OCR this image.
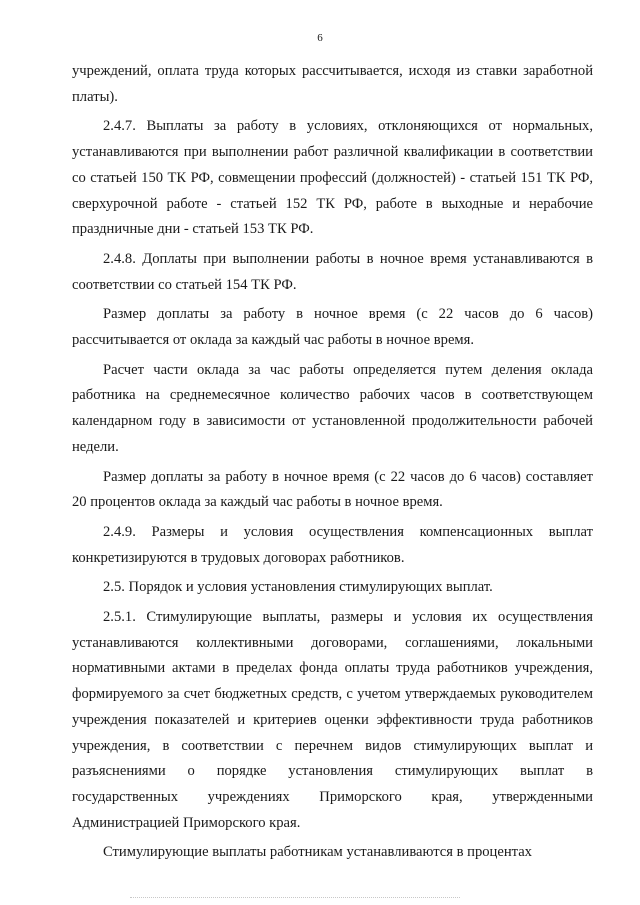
6

учреждений, оплата труда которых рассчитывается, исходя из ставки заработной платы).

2.4.7. Выплаты за работу в условиях, отклоняющихся от нормальных, устанавливаются при выполнении работ различной квалификации в соответствии со статьей 150 ТК РФ, совмещении профессий (должностей) - статьей 151 ТК РФ, сверхурочной работе - статьей 152 ТК РФ, работе в выходные и нерабочие праздничные дни - статьей 153 ТК РФ.

2.4.8. Доплаты при выполнении работы в ночное время устанавливаются в соответствии со статьей 154 ТК РФ.

Размер доплаты за работу в ночное время (с 22 часов до 6 часов) рассчитывается от оклада за каждый час работы в ночное время.

Расчет части оклада за час работы определяется путем деления оклада работника на среднемесячное количество рабочих часов в соответствующем календарном году в зависимости от установленной продолжительности рабочей недели.

Размер доплаты за работу в ночное время (с 22 часов до 6 часов) составляет 20 процентов оклада за каждый час работы в ночное время.

2.4.9. Размеры и условия осуществления компенсационных выплат конкретизируются в трудовых договорах работников.

2.5. Порядок и условия установления стимулирующих выплат.

2.5.1. Стимулирующие выплаты, размеры и условия их осуществления устанавливаются коллективными договорами, соглашениями, локальными нормативными актами в пределах фонда оплаты труда работников учреждения, формируемого за счет бюджетных средств, с учетом утверждаемых руководителем учреждения показателей и критериев оценки эффективности труда работников учреждения, в соответствии с перечнем видов стимулирующих выплат и разъяснениями о порядке установления стимулирующих выплат в государственных учреждениях Приморского края, утвержденными Администрацией Приморского края.

Стимулирующие выплаты работникам устанавливаются в процентах
